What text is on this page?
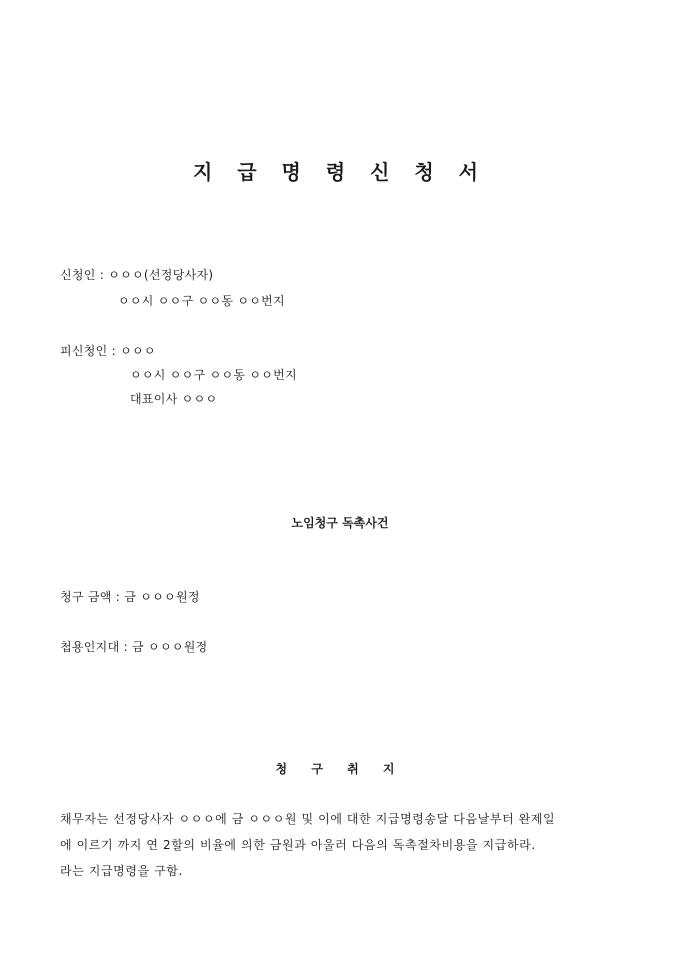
지 급 명 령 신 청 서
신청인 : ㅇㅇㅇ(선정당사자)
ㅇㅇ시 ㅇㅇ구 ㅇㅇ동 ㅇㅇ번지
피신청인 : ㅇㅇㅇ
ㅇㅇ시 ㅇㅇ구 ㅇㅇ동 ㅇㅇ번지
대표이사 ㅇㅇㅇ
노임청구 독촉사건
청구 금액 : 금 ㅇㅇㅇ원정
첩용인지대 : 금 ㅇㅇㅇ원정
청 구 취 지
채무자는 선정당사자 ㅇㅇㅇ에 금 ㅇㅇㅇ원 및 이에 대한 지급명령송달 다음날부터 완제일
에 이르기 까지 연 2할의 비율에 의한 금원과 아울러 다음의 독촉절차비용을 지급하라.
라는 지급명령을 구함.
